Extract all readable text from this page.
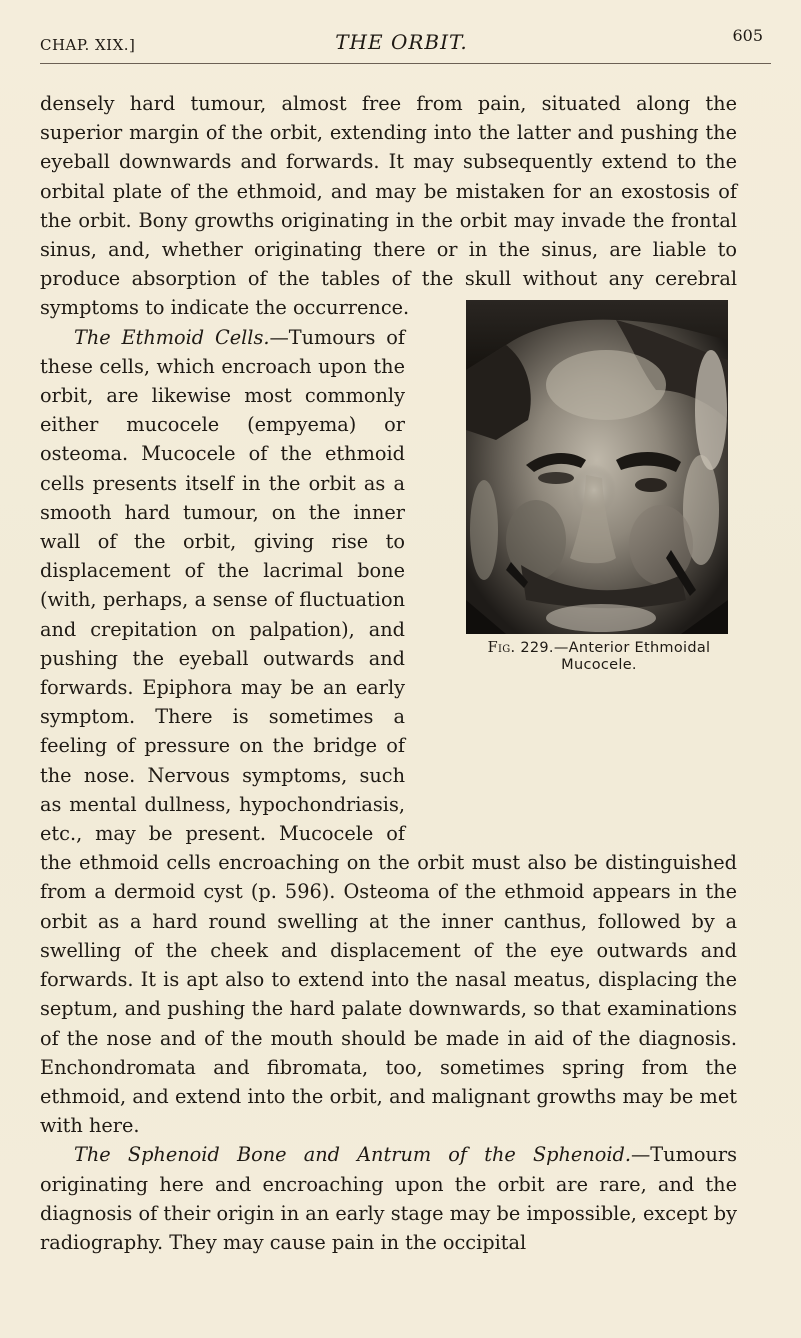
CHAP. XIX.]	THE ORBIT.	605

densely hard tumour, almost free from pain, situated along the superior margin of the orbit, extending into the latter and pushing the eyeball downwards and forwards. It may subsequently extend to the orbital plate of the ethmoid, and may be mistaken for an exostosis of the orbit. Bony growths originating in the orbit may invade the frontal sinus, and, whether originating there or in the sinus, are liable to produce absorption of the tables of the skull without any cerebral symptoms to indicate the occurrence.

The Ethmoid Cells.—Tumours of these cells, which encroach upon the orbit, are likewise most commonly either mucocele (empyema) or osteoma. Mucocele of the ethmoid cells presents itself in the orbit as a smooth hard tumour, on the inner wall of the orbit, giving rise to displacement of the lacrimal bone (with, perhaps, a sense of fluctuation and crepitation on palpation), and pushing the eyeball outwards and forwards. Epiphora may be an early symptom. There is sometimes a feeling of pressure on the bridge of the nose. Nervous symptoms, such as mental dullness, hypochondriasis, etc., may be present. Mucocele of the ethmoid cells encroaching on the orbit must also be distinguished from a dermoid cyst (p. 596). Osteoma of the ethmoid appears in the orbit as a hard round swelling at the inner canthus, followed by a swelling of the cheek and displacement of the eye outwards and forwards. It is apt also to extend into the nasal meatus, displacing the septum, and pushing the hard palate downwards, so that examinations of the nose and of the mouth should be made in aid of the diagnosis. Enchondromata and fibromata, too, sometimes spring from the ethmoid, and extend into the orbit, and malignant growths may be met with here.

The Sphenoid Bone and Antrum of the Sphenoid.—Tumours originating here and encroaching upon the orbit are rare, and the diagnosis of their origin in an early stage may be impossible, except by radiography. They may cause pain in the occipital

Fig. 229.—Anterior Ethmoidal Mucocele.
